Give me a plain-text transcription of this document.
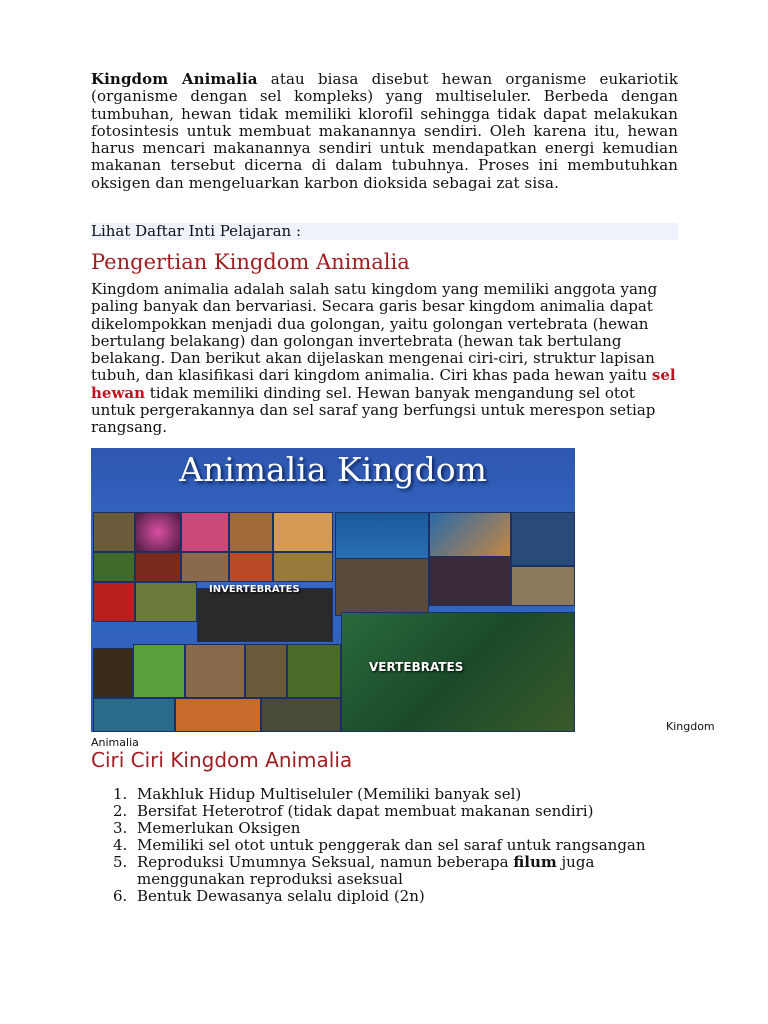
Kingdom Animalia atau biasa disebut hewan organisme eukariotik (organisme dengan sel kompleks) yang multiseluler. Berbeda dengan tumbuhan, hewan tidak memiliki klorofil sehingga tidak dapat melakukan fotosintesis untuk membuat makanannya sendiri. Oleh karena itu, hewan harus mencari makanannya sendiri untuk mendapatkan energi kemudian makanan tersebut dicerna di dalam tubuhnya. Proses ini membutuhkan oksigen dan mengeluarkan karbon dioksida sebagai zat sisa.

Lihat Daftar Inti Pelajaran :
Pengertian Kingdom Animalia

Kingdom animalia adalah salah satu kingdom yang memiliki anggota yang paling banyak dan bervariasi. Secara garis besar kingdom animalia dapat dikelompokkan menjadi dua golongan, yaitu golongan vertebrata (hewan bertulang belakang) dan golongan invertebrata (hewan tak bertulang belakang. Dan berikut akan dijelaskan mengenai ciri-ciri, struktur lapisan tubuh, dan klasifikasi dari kingdom animalia. Ciri khas pada hewan yaitu sel hewan tidak memiliki dinding sel. Hewan banyak mengandung sel otot untuk pergerakannya dan sel saraf yang berfungsi untuk merespon setiap rangsang.

Animalia Kingdom
INVERTEBRATES
VERTEBRATES
Kingdom
Animalia
Ciri Ciri Kingdom Animalia
1. Makhluk Hidup Multiseluler (Memiliki banyak sel)
2. Bersifat Heterotrof (tidak dapat membuat makanan sendiri)
3. Memerlukan Oksigen
4. Memiliki sel otot untuk penggerak dan sel saraf untuk rangsangan
5. Reproduksi Umumnya Seksual, namun beberapa filum juga menggunakan reproduksi aseksual
6. Bentuk Dewasanya selalu diploid (2n)
